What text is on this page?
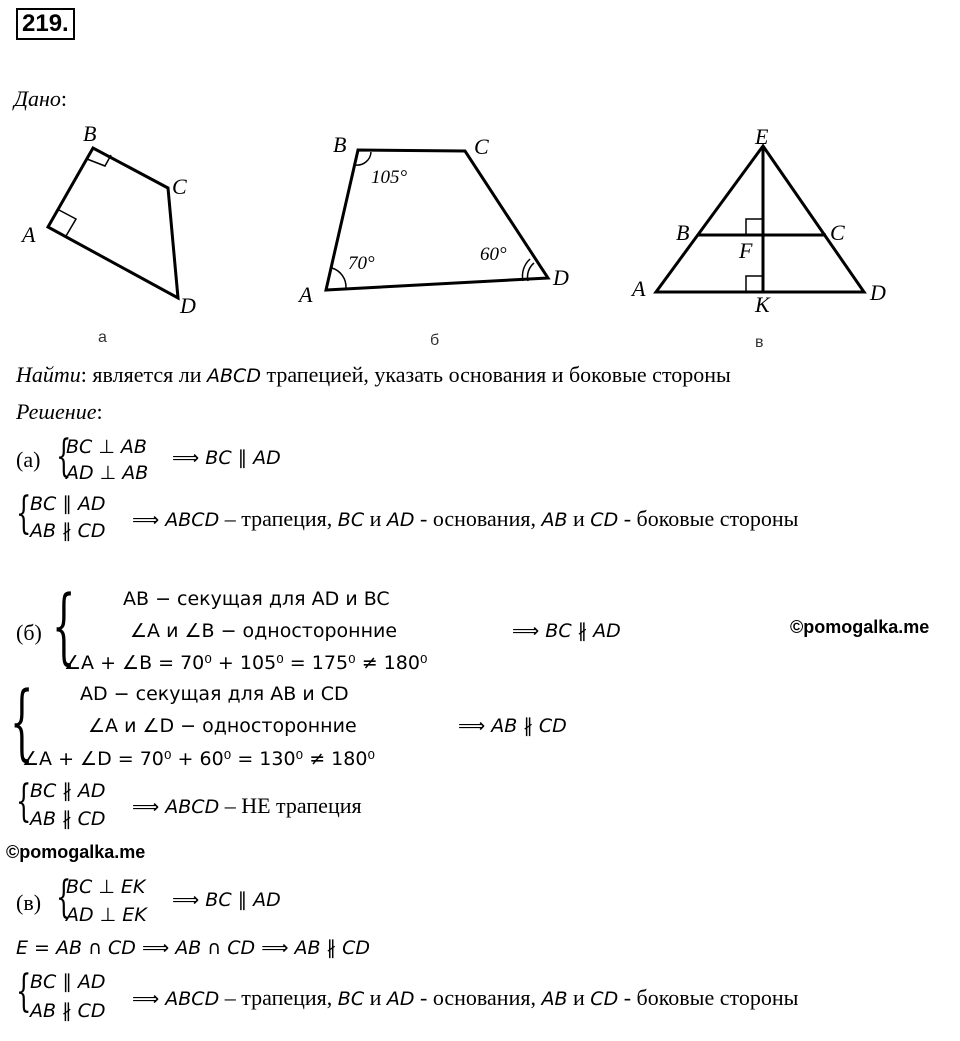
219.
Дано:
B
C
A
D
а
B	C
A
D
105°
70°	60°
б
E
B	C
F
A
K	D
в
Найти: является ли ABCD трапецией, указать основания и боковые стороны
Решение:
(а) {
BC ⊥ AB
AD ⊥ AB
⟹ BC ∥ AD
{
BC ∥ AD
AB ∦ CD ⟹ ABCD – трапеция, BC и AD - основания, AB и CD - боковые стороны
(б) {	AB − секущая для AD и BC
∠A и ∠B − односторонние
∠A + ∠B = 70⁰ + 105⁰ = 175⁰ ≠ 180⁰
⟹ BC ∦ AD	©pomogalka.me
{ AD − секущая для AB и CD
∠A и ∠D − односторонние
∠A + ∠D = 70⁰ + 60⁰ = 130⁰ ≠ 180⁰
⟹ AB ∦ CD
{
BC ∦ AD
AB ∦ CD
⟹ ABCD – НЕ трапеция
©pomogalka.me
(в) {
BC ⊥ EK
AD ⊥ EK
⟹ BC ∥ AD
E = AB ∩ CD ⟹ AB ∩ CD ⟹ AB ∦ CD
{
BC ∥ AD
AB ∦ CD
⟹ ABCD – трапеция, BC и AD - основания, AB и CD - боковые стороны
